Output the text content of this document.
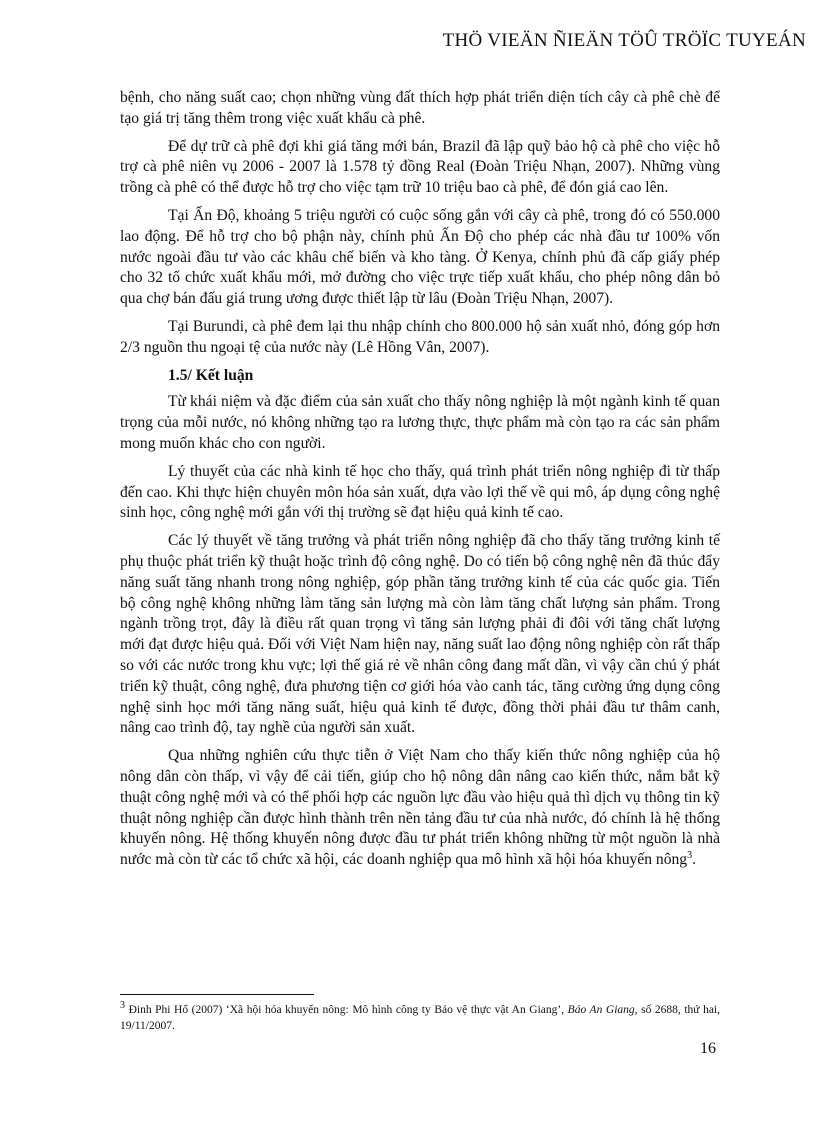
THÖ VIEÄN ÑIEÄN TÖÛ TRÖÏC TUYEÁN

bệnh, cho năng suất cao; chọn những vùng đất thích hợp phát triển diện tích cây cà phê chè để tạo giá trị tăng thêm trong việc xuất khẩu cà phê.

Để dự trữ cà phê đợi khi giá tăng mới bán, Brazil đã lập quỹ bảo hộ cà phê cho việc hỗ trợ cà phê niên vụ 2006 - 2007 là 1.578 tỷ đồng Real (Đoàn Triệu Nhạn, 2007). Những vùng trồng cà phê có thể được hỗ trợ cho việc tạm trữ 10 triệu bao cà phê, để đón giá cao lên.

Tại Ấn Độ, khoảng 5 triệu người có cuộc sống gắn với cây cà phê, trong đó có 550.000 lao động. Để hỗ trợ cho bộ phận này, chính phủ Ấn Độ cho phép các nhà đầu tư 100% vốn nước ngoài đầu tư vào các khâu chế biến và kho tàng. Ở Kenya, chính phủ đã cấp giấy phép cho 32 tổ chức xuất khẩu mới, mở đường cho việc trực tiếp xuất khẩu, cho phép nông dân bỏ qua chợ bán đấu giá trung ương được thiết lập từ lâu (Đoàn Triệu Nhạn, 2007).

Tại Burundi, cà phê đem lại thu nhập chính cho 800.000 hộ sản xuất nhỏ, đóng góp hơn 2/3 nguồn thu ngoại tệ của nước này (Lê Hồng Vân, 2007).

1.5/ Kết luận

Từ khái niệm và đặc điểm của sản xuất cho thấy nông nghiệp là một ngành kinh tế quan trọng của mỗi nước, nó không những tạo ra lương thực, thực phẩm mà còn tạo ra các sản phẩm mong muốn khác cho con người.

Lý thuyết của các nhà kinh tế học cho thấy, quá trình phát triển nông nghiệp đi từ thấp đến cao. Khi thực hiện chuyên môn hóa sản xuất, dựa vào lợi thế về qui mô, áp dụng công nghệ sinh học, công nghệ mới gắn với thị trường sẽ đạt hiệu quả kinh tế cao.

Các lý thuyết về tăng trưởng và phát triển nông nghiệp đã cho thấy tăng trưởng kinh tế phụ thuộc phát triển kỹ thuật hoặc trình độ công nghệ. Do có tiến bộ công nghệ nên đã thúc đẩy năng suất tăng nhanh trong nông nghiệp, góp phần tăng trưởng kinh tế của các quốc gia. Tiến bộ công nghệ không những làm tăng sản lượng mà còn làm tăng chất lượng sản phẩm. Trong ngành trồng trọt, đây là điều rất quan trọng vì tăng sản lượng phải đi đôi với tăng chất lượng mới đạt được hiệu quả. Đối với Việt Nam hiện nay, năng suất lao động nông nghiệp còn rất thấp so với các nước trong khu vực; lợi thế giá rẻ về nhân công đang mất dần, vì vậy cần chú ý phát triển kỹ thuật, công nghệ, đưa phương tiện cơ giới hóa vào canh tác, tăng cường ứng dụng công nghệ sinh học mới tăng năng suất, hiệu quả kinh tế được, đồng thời phải đầu tư thâm canh, nâng cao trình độ, tay nghề của người sản xuất.

Qua những nghiên cứu thực tiễn ở Việt Nam cho thấy kiến thức nông nghiệp của hộ nông dân còn thấp, vì vậy để cải tiến, giúp cho hộ nông dân nâng cao kiến thức, nắm bắt kỹ thuật công nghệ mới và có thể phối hợp các nguồn lực đầu vào hiệu quả thì dịch vụ thông tin kỹ thuật nông nghiệp cần được hình thành trên nền tảng đầu tư của nhà nước, đó chính là hệ thống khuyến nông. Hệ thống khuyến nông được đầu tư phát triển không những từ một nguồn là nhà nước mà còn từ các tổ chức xã hội, các doanh nghiệp qua mô hình xã hội hóa khuyến nông$^3$.

$^3$ Đinh Phi Hổ (2007) ‘Xã hội hóa khuyến nông: Mô hình công ty Bảo vệ thực vật An Giang’, Báo An Giang, số 2688, thứ hai, 19/11/2007.
16
